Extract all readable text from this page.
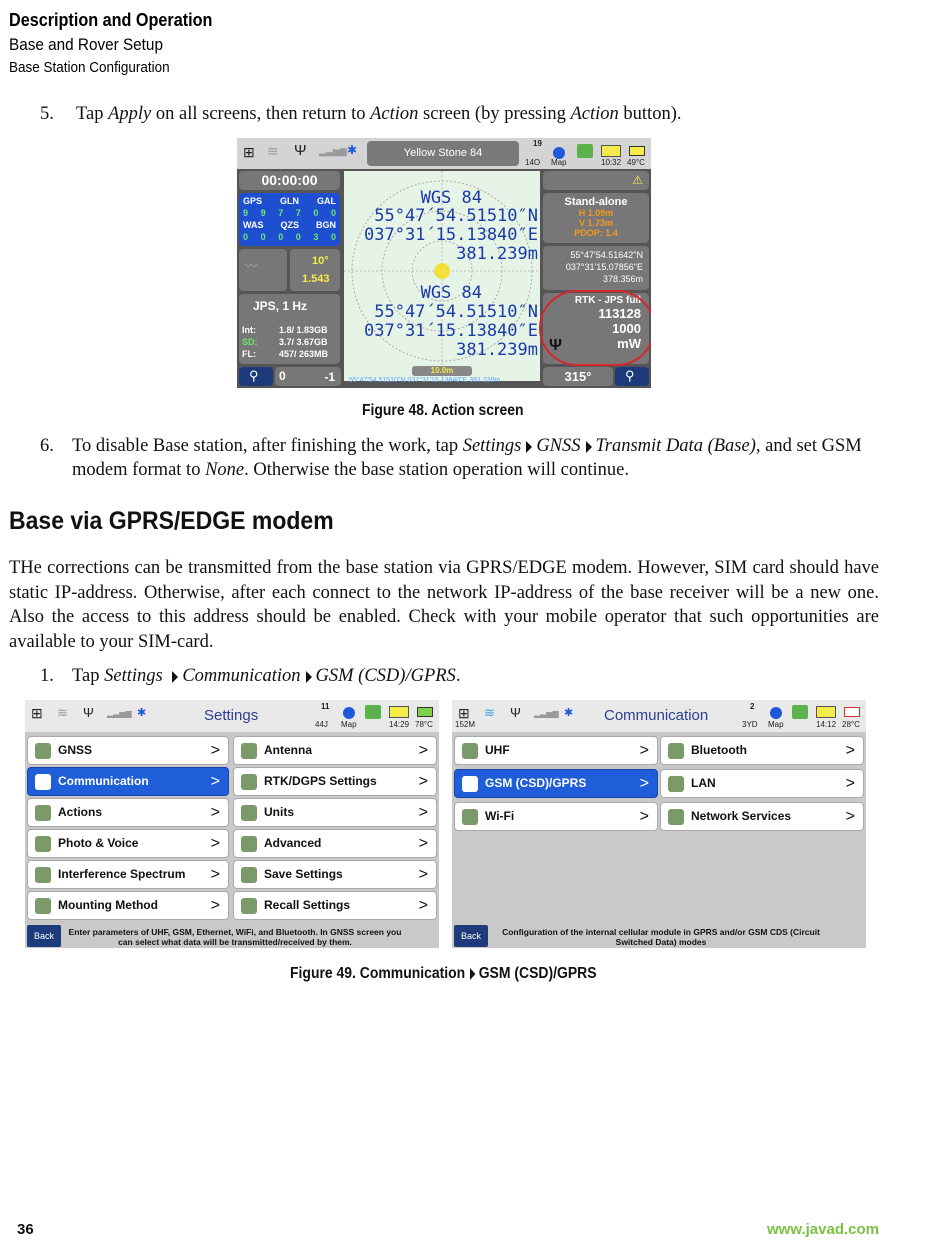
Description and Operation
Base and Rover Setup
Base Station Configuration
5. Tap Apply on all screens, then return to Action screen (by pressing Action button).
⊞ ≋ Ψ ▂▃▅▆ ✱	Yellow Stone 84
19
14O Map	10:32 49°C
00:00:00
GPS GLN GAL
9 9 7 7 0 0
WAS QZS BGN
0 0 0 0 3 0
〰	10°
1.543
JPS, 1 Hz
Int:	1.8/ 1.83GB
SD: 3.7/ 3.67GB
FL:	457/ 263MB
⚲ 0	-1
WGS 84
55°47´54.51510″N
037°31´15.13840″E
381.239m
WGS 84
55°47´54.51510″N
037°31´15.13840″E
381.239m
10.0m
55°47'54.51510"N 037°31'15.13840"E 381.239m
⚠
Stand-alone
H 1.09m
V 1.73m
PDOP: 1.4
55°47'54.51642"N
037°31'15.07856"E
378.356m
RTK - JPS full
113128
1000
mW
Ψ
315°	⚲
Figure 48. Action screen
6. To disable Base station, after finishing the work, tap Settings GNSS Transmit Data (Base), and set GSM modem format to None. Otherwise the base station operation will continue.
Base via GPRS/EDGE modem
THe corrections can be transmitted from the base station via GPRS/EDGE modem. However, SIM card should have static IP-address. Otherwise, after each connect to the network IP-address of the base receiver will be a new one. Also the access to this address should be enabled. Check with your mobile operator that such opportunities are available to your SIM-card.
1. Tap Settings Communication GSM (CSD)/GPRS.
⊞ ≋ Ψ ▂▃▅▆ ✱
11
44J Map	14:29 78°C
Settings
GNSS	>
Communication	>
Actions	>
Photo & Voice	>
Interference Spectrum >
Mounting Method	>
Antenna	>
RTK/DGPS Settings	>
Units	>
Advanced	>
Save Settings	>
Recall Settings	>
Back	Enter parameters of UHF, GSM, Ethernet, WiFi, and Bluetooth. In GNSS screen you can select what data will be transmitted/received by them.
⊞
152M
≋ Ψ ▂▃▅▆ ✱
2
3YD Map	14:12 28°C
Communication
UHF	>
GSM (CSD)/GPRS	>
Wi-Fi	>
Bluetooth	>
LAN	>
Network Services	>
Back	Configuration of the internal cellular module in GPRS and/or GSM CDS (Circuit Switched Data) modes
Figure 49. Communication GSM (CSD)/GPRS
36	www.javad.com
